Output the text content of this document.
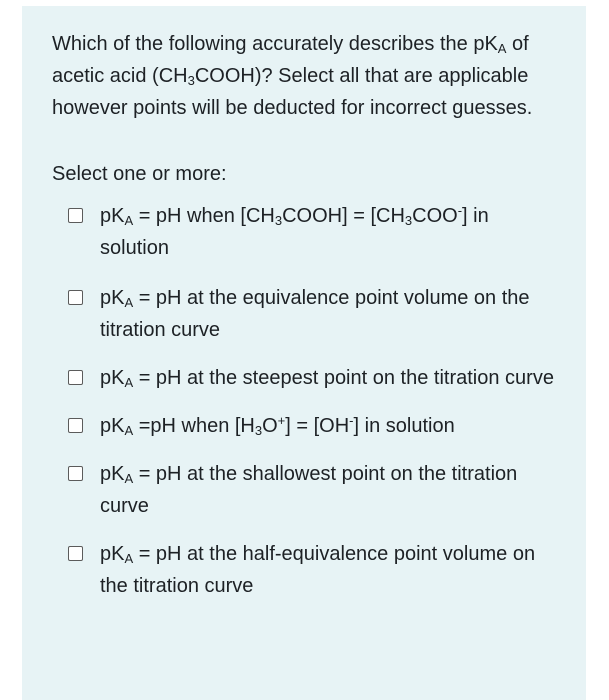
Which of the following accurately describes the $pK_A$ of acetic acid $(CH_3COOH)$? Select all that are applicable however points will be deducted for incorrect guesses.

Select one or more:
$pK_A$ = pH when $[CH_3COOH] = [CH_3COO^-]$ in solution
$pK_A$ = pH at the equivalence point volume on the titration curve
$pK_A$ = pH at the steepest point on the titration curve
$pK_A =pH$ when $[H_3O^+] = [OH^-]$ in solution
$pK_A$ = pH at the shallowest point on the titration curve
$pK_A$ = pH at the half-equivalence point volume on the titration curve
